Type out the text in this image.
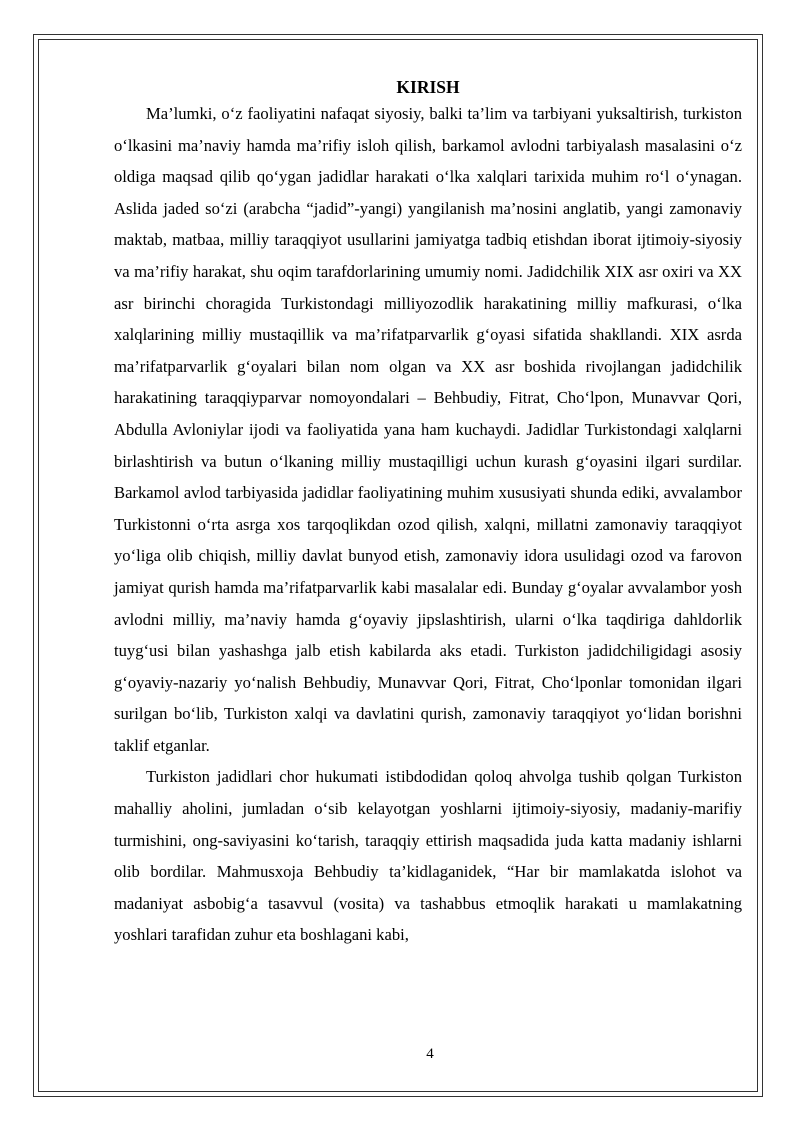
KIRISH

Ma’lumki, o‘z faoliyatini nafaqat siyosiy, balki ta’lim va tarbiyani yuksaltirish, turkiston o‘lkasini ma’naviy hamda ma’rifiy isloh qilish, barkamol avlodni tarbiyalash masalasini o‘z oldiga maqsad qilib qo‘ygan jadidlar harakati o‘lka xalqlari tarixida muhim ro‘l o‘ynagan. Aslida jaded so‘zi (arabcha “jadid”-yangi) yangilanish ma’nosini anglatib, yangi zamonaviy maktab, matbaa, milliy taraqqiyot usullarini jamiyatga tadbiq etishdan iborat ijtimoiy-siyosiy va ma’rifiy harakat, shu oqim tarafdorlarining umumiy nomi. Jadidchilik XIX asr oxiri va XX asr birinchi choragida Turkistondagi milliyozodlik harakatining milliy mafkurasi, o‘lka xalqlarining milliy mustaqillik va ma’rifatparvarlik g‘oyasi sifatida shakllandi. XIX asrda ma’rifatparvarlik g‘oyalari bilan nom olgan va XX asr boshida rivojlangan jadidchilik harakatining taraqqiyparvar nomoyondalari – Behbudiy, Fitrat, Cho‘lpon, Munavvar Qori, Abdulla Avloniylar ijodi va faoliyatida yana ham kuchaydi. Jadidlar Turkistondagi xalqlarni birlashtirish va butun o‘lkaning milliy mustaqilligi uchun kurash g‘oyasini ilgari surdilar. Barkamol avlod tarbiyasida jadidlar faoliyatining muhim xususiyati shunda ediki, avvalambor Turkistonni o‘rta asrga xos tarqoqlikdan ozod qilish, xalqni, millatni zamonaviy taraqqiyot yo‘liga olib chiqish, milliy davlat bunyod etish, zamonaviy idora usulidagi ozod va farovon jamiyat qurish hamda ma’rifatparvarlik kabi masalalar edi. Bunday g‘oyalar avvalambor yosh avlodni milliy, ma’naviy hamda g‘oyaviy jipslashtirish, ularni o‘lka taqdiriga dahldorlik tuyg‘usi bilan yashashga jalb etish kabilarda aks etadi. Turkiston jadidchiligidagi asosiy g‘oyaviy-nazariy yo‘nalish Behbudiy, Munavvar Qori, Fitrat, Cho‘lponlar tomonidan ilgari surilgan bo‘lib, Turkiston xalqi va davlatini qurish, zamonaviy taraqqiyot yo‘lidan borishni taklif etganlar.

Turkiston jadidlari chor hukumati istibdodidan qoloq ahvolga tushib qolgan Turkiston mahalliy aholini, jumladan o‘sib kelayotgan yoshlarni ijtimoiy-siyosiy, madaniy-marifiy turmishini, ong-saviyasini ko‘tarish, taraqqiy ettirish maqsadida juda katta madaniy ishlarni olib bordilar. Mahmusxoja Behbudiy ta’kidlaganidek, “Har bir mamlakatda islohot va madaniyat asbobig‘a tasavvul (vosita) va tashabbus etmoqlik harakati u mamlakatning yoshlari tarafidan zuhur eta boshlagani kabi,

4
